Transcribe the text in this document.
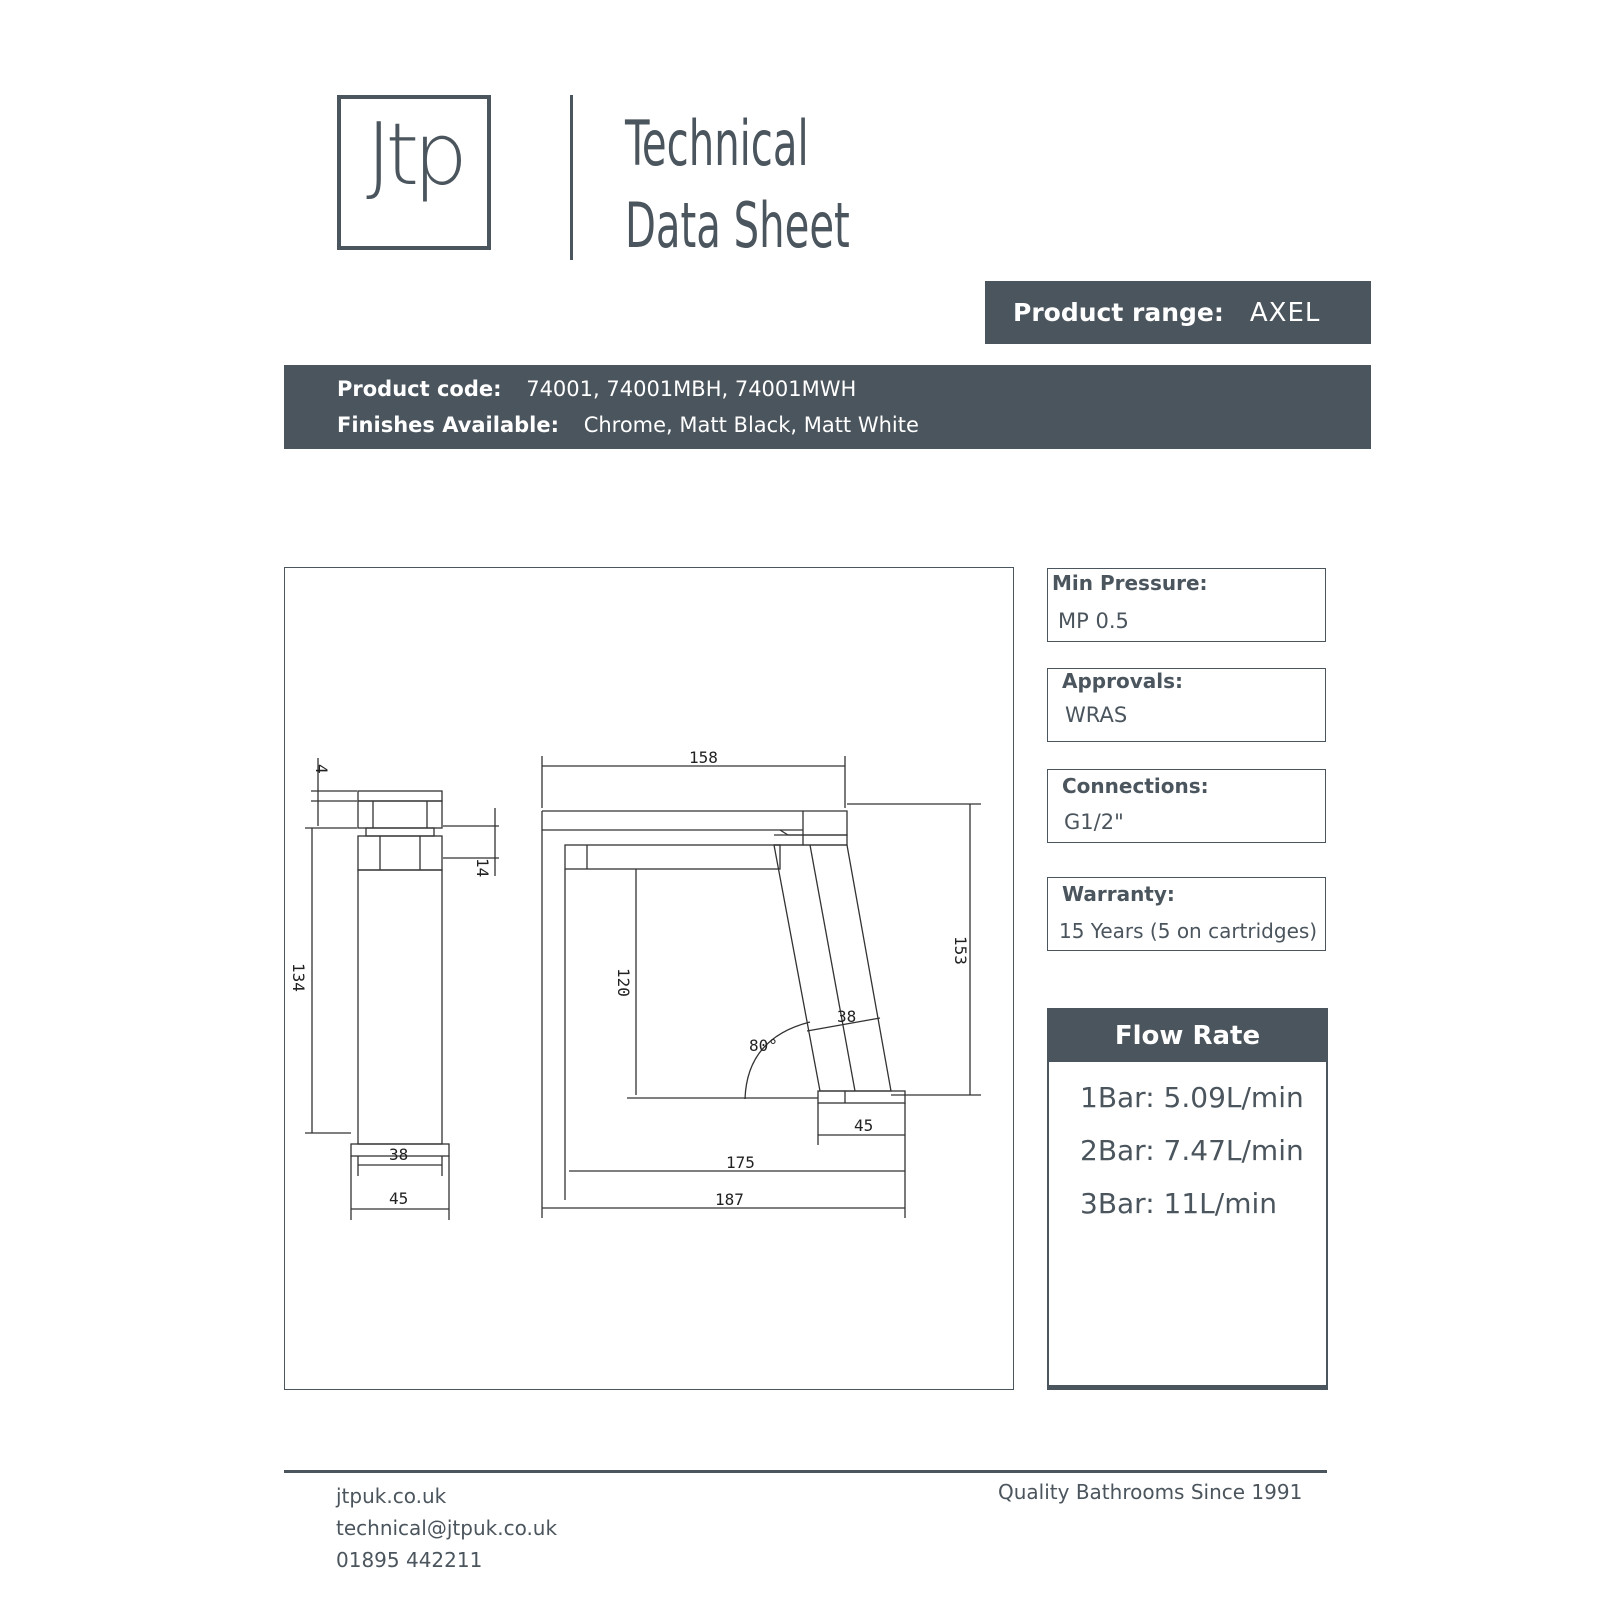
Jtp	Technical
Data Sheet
Product range: AXEL
Product code: 74001, 74001MBH, 74001MWH
Finishes Available: Chrome, Matt Black, Matt White
4
14
134
38
45
158
153
120
80°
38
45
175
187
Min Pressure:
MP 0.5
Approvals:
WRAS
Connections:
G1/2"
Warranty:
15 Years (5 on cartridges)
Flow Rate
1Bar: 5.09L/min
2Bar: 7.47L/min
3Bar: 11L/min
jtpuk.co.uk
technical@jtpuk.co.uk
01895 442211
Quality Bathrooms Since 1991
